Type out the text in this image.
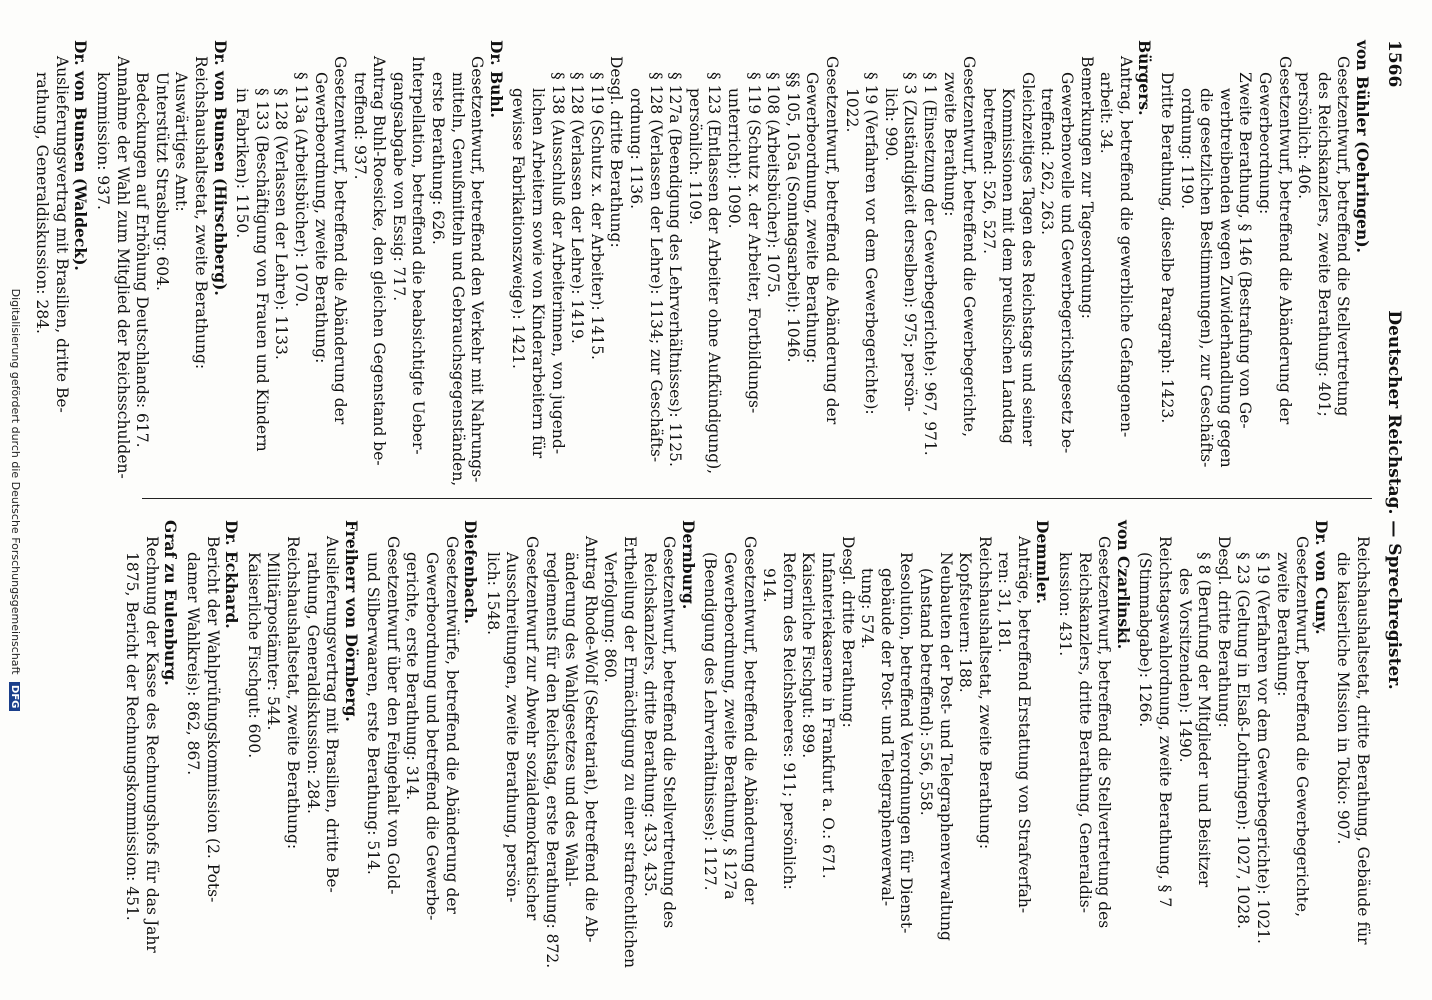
1566
Deutscher Reichstag. — Sprechregister.
von Bühler (Oehringen).
Gesetzentwurf, betreffend die Stellvertretung
des Reichskanzlers, zweite Berathung: 401;
persönlich: 406.
Gesetzentwurf, betreffend die Abänderung der
Gewerbeordnung:
Zweite Berathung, § 146 (Bestrafung von Ge-
werbtreibenden wegen Zuwiderhandlung gegen
die gesetzlichen Bestimmungen), zur Geschäfts-
ordnung: 1190.
Dritte Berathung, dieselbe Paragraph: 1423.
Bürgers.
Antrag, betreffend die gewerbliche Gefangenen-
arbeit: 34.
Bemerkungen zur Tagesordnung:
Gewerbenovelle und Gewerbegerichtsgesetz be-
treffend: 262, 263.
Gleichzeitiges Tagen des Reichstags und seiner
Kommissionen mit dem preußischen Landtag
betreffend: 526, 527.
Gesetzentwurf, betreffend die Gewerbegerichte,
zweite Berathung:
§ 1 (Einsetzung der Gewerbegerichte): 967, 971.
§ 3 (Zuständigkeit derselben): 975; persön-
lich: 990.
§ 19 (Verfahren vor dem Gewerbegerichte):
1022.
Gesetzentwurf, betreffend die Abänderung der
Gewerbeordnung, zweite Berathung:
§§ 105, 105a (Sonntagsarbeit): 1046.
§ 108 (Arbeitsbücher): 1075.
§ 119 (Schutz x. der Arbeiter, Fortbildungs-
unterricht): 1090.
§ 123 (Entlassen der Arbeiter ohne Aufkündigung),
persönlich: 1109.
§ 127a (Beendigung des Lehrverhältnisses): 1125.
§ 128 (Verlassen der Lehre): 1134; zur Geschäfts-
ordnung: 1136.
Desgl. dritte Berathung:
§ 119 (Schutz x. der Arbeiter): 1415.
§ 128 (Verlassen der Lehre): 1419.
§ 138 (Ausschluß der Arbeiterinnen, von jugend-
lichen Arbeitern sowie von Kinderarbeitern für
gewisse Fabrikationszweige): 1421.
Dr. Buhl.
Gesetzentwurf, betreffend den Verkehr mit Nahrungs-
mitteln, Genußmitteln und Gebrauchsgegenständen,
erste Berathung: 626.
Interpellation, betreffend die beabsichtigte Ueber-
gangsabgabe von Essig: 717.
Antrag Buhl-Roesicke, den gleichen Gegenstand be-
treffend: 937.
Gesetzentwurf, betreffend die Abänderung der
Gewerbeordnung, zweite Berathung:
§ 113a (Arbeitsbücher): 1070.
§ 128 (Verlassen der Lehre): 1133.
§ 133 (Beschäftigung von Frauen und Kindern
in Fabriken): 1150.
Dr. von Bunsen (Hirschberg).
Reichshaushaltsetat, zweite Berathung:
Auswärtiges Amt:
Unterstützt Strasburg: 604.
Bedeckungen auf Erhöhung Deutschlands: 617.
Annahme der Wahl zum Mitglied der Reichsschulden-
kommission: 937.
Dr. von Bunsen (Waldeck).
Auslieferungsvertrag mit Brasilien, dritte Be-
rathung, Generaldiskussion: 284.
Reichshaushaltsetat, dritte Berathung, Gebäude für
die kaiserliche Mission in Tokio: 907.
Dr. von Cuny.
Gesetzentwurf, betreffend die Gewerbegerichte,
zweite Berathung:
§ 19 (Verfahren vor dem Gewerbegerichte): 1021.
§ 23 (Geltung in Elsaß-Lothringen): 1027, 1028.
Desgl. dritte Berathung:
§ 8 (Berufung der Mitglieder und Beisitzer
des Vorsitzenden): 1490.
Reichstagswahlordnung, zweite Berathung, § 7
(Stimmabgabe): 1266.
von Czarlinski.
Gesetzentwurf, betreffend die Stellvertretung des
Reichskanzlers, dritte Berathung, Generaldis-
kussion: 431.
Demmler.
Anträge, betreffend Erstattung von Strafverfah-
ren: 31, 181.
Reichshaushaltsetat, zweite Berathung:
Kopfsteuern: 188.
Neubauten der Post- und Telegraphenverwaltung
(Anstand betreffend): 556, 558.
Resolution, betreffend Verordnungen für Dienst-
gebäude der Post- und Telegraphenverwal-
tung: 574.
Desgl. dritte Berathung:
Infanteriekaserne in Frankfurt a. O.: 671.
Kaiserliche Fischgut: 899.
Reform des Reichsheeres: 911; persönlich:
914.
Gesetzentwurf, betreffend die Abänderung der
Gewerbeordnung, zweite Berathung, § 127a
(Beendigung des Lehrverhältnisses): 1127.
Dernburg.
Gesetzentwurf, betreffend die Stellvertretung des
Reichskanzlers, dritte Berathung: 433, 435.
Ertheilung der Ermächtigung zu einer strafrechtlichen
Verfolgung: 860.
Antrag Rhode-Wolf (Sekretariat), betreffend die Ab-
änderung des Wahlgesetzes und des Wahl-
reglements für den Reichstag, erste Berathung: 872.
Gesetzentwurf zur Abwehr sozialdemokratischer
Ausschreitungen, zweite Berathung, persön-
lich: 1548.
Diefenbach.
Gesetzentwürfe, betreffend die Abänderung der
Gewerbeordnung und betreffend die Gewerbe-
gerichte, erste Berathung: 314.
Gesetzentwurf über den Feingehalt von Gold-
und Silberwaaren, erste Berathung: 514.
Freiherr von Dörnberg.
Auslieferungsvertrag mit Brasilien, dritte Be-
rathung, Generaldiskussion: 284.
Reichshaushaltsetat, zweite Berathung:
Militärpostämter: 544.
Kaiserliche Fischgut: 600.
Dr. Eckhard.
Bericht der Wahlprüfungskommission (2. Pots-
damer Wahlkreis): 862, 867.
Graf zu Eulenburg.
Rechnung der Kasse des Rechnungshofs für das Jahr
1875, Bericht der Rechnungskommission: 451.
Digitalisierung gefördert durch die Deutsche Forschungsgemeinschaft DFG
